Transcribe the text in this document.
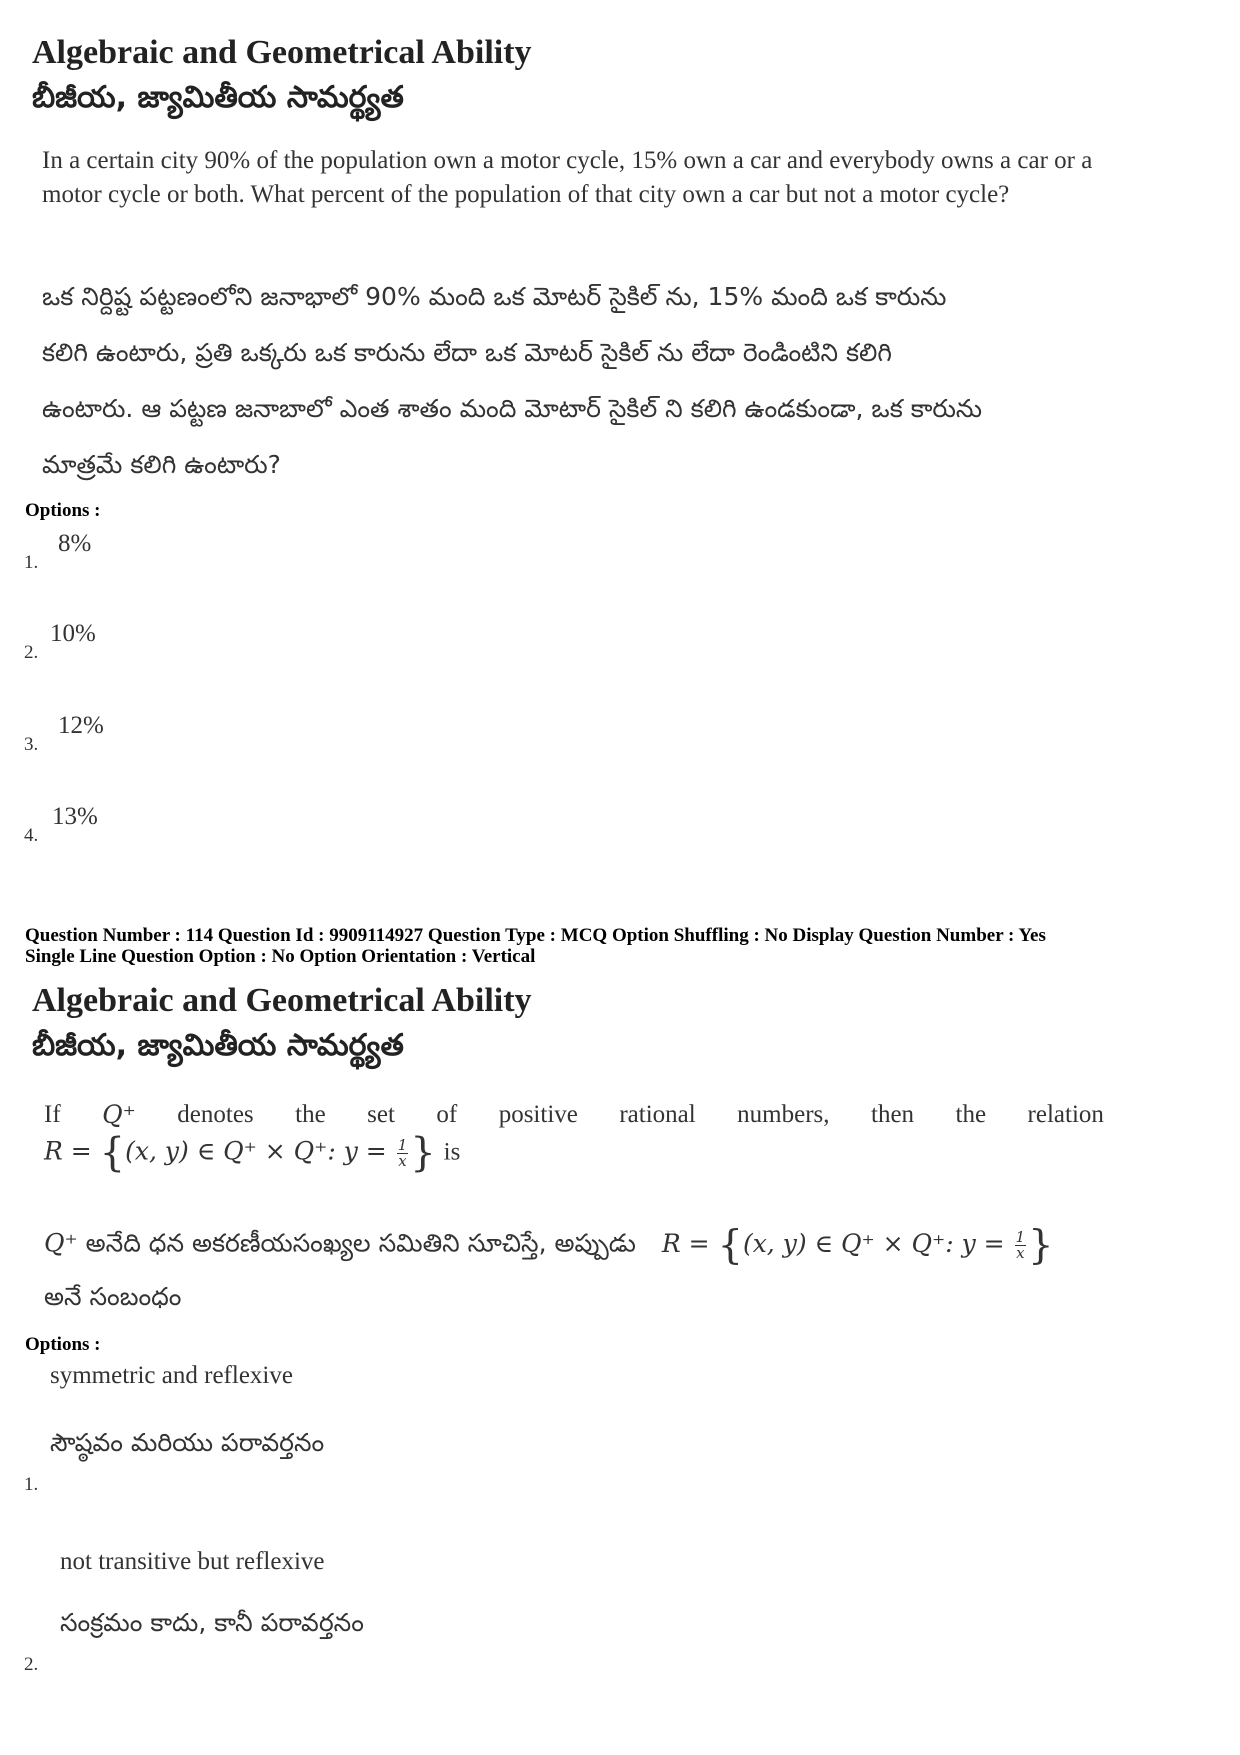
Algebraic and Geometrical Ability
బీజీయ, జ్యామితీయ సామర్థ్యత
In a certain city 90% of the population own a motor cycle, 15% own a car and everybody owns a car or a motor cycle or both. What percent of the population of that city own a car but not a motor cycle?
ఒక నిర్దిష్ట పట్టణంలోని జనాభాలో 90% మంది ఒక మోటర్ సైకిల్ ను, 15% మంది ఒక కారును
కలిగి ఉంటారు, ప్రతి ఒక్కరు ఒక కారును లేదా ఒక మోటర్ సైకిల్ ను లేదా రెండింటిని కలిగి
ఉంటారు. ఆ పట్టణ జనాబాలో ఎంత శాతం మంది మోటార్ సైకిల్ ని కలిగి ఉండకుండా, ఒక కారును
మాత్రమే కలిగి ఉంటారు?
Options :
1.
8%
2.
10%
3.
12%
4.
13%
Question Number : 114 Question Id : 9909114927 Question Type : MCQ Option Shuffling : No Display Question Number : Yes
Single Line Question Option : No Option Orientation : Vertical
Algebraic and Geometrical Ability
బీజీయ, జ్యామితీయ సామర్థ్యత
If Q⁺ denotes the set of positive rational numbers, then the relation
R = {(x, y) ∈ Q⁺ × Q⁺: $y = \frac{1}{x}$ } is
Q⁺ అనేది ధన అకరణీయసంఖ్యల సమితిని సూచిస్తే, అప్పుడు R = {(x, y) ∈ Q⁺ × Q⁺: $y = \frac{1}{x}$ }
అనే సంబంధం
Options :
symmetric and reflexive
సౌష్ఠవం మరియు పరావర్తనం
1.
not transitive but reflexive
సంక్రమం కాదు, కానీ పరావర్తనం
2.
